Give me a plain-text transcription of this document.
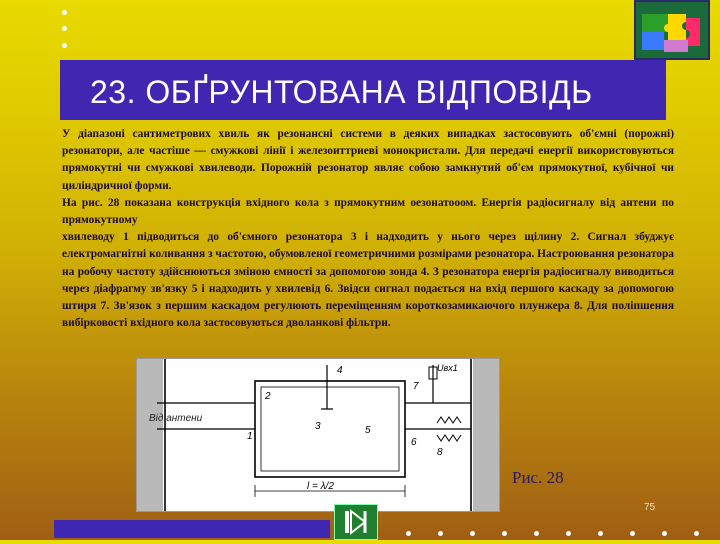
23. ОБҐРУНТОВАНА ВІДПОВІДЬ

У діапазоні сантиметрових хвиль як резонансні системи в деяких випадках застосовують об'ємні (порожні) резонатори, але частіше — смужкові лінії і железоиттриеві монокристали. Для передачі енергії використовуються прямокутні чи смужкові хвилеводи. Порожній резонатор являє собою замкнутий об'єм прямокутної, кубічної чи циліндричної форми.

На рис. 28 показана конструкція вхідного кола з прямокутним оезонатооом. Енергія радіосигналу від антени по прямокутному

хвилеводу 1 підводиться до об'ємного резонатора 3 і надходить у нього через щілину 2. Сигнал збуджує електромагнітні коливання з частотою, обумовленої геометричними розмірами резонатора. Настроювання резонатора на робочу частоту здійснюються зміною ємності за допомогою зонда 4. З резонатора енергія радіосигналу виводиться через діафрагму зв'язку 5 і надходить у хвилевід 6. Звідси сигнал подається на вхід першого каскаду за допомогою штиря 7. Зв'язок з першим каскадом регулюють переміщенням короткозамикаючого плунжера 8. Для поліпшення вибірковості вхідного кола застосовуються дволанкові фільтри.

l = λ/2
Від антени
1
2
3
4
5
6
7
8
Uвх1
Рис. 28
75
